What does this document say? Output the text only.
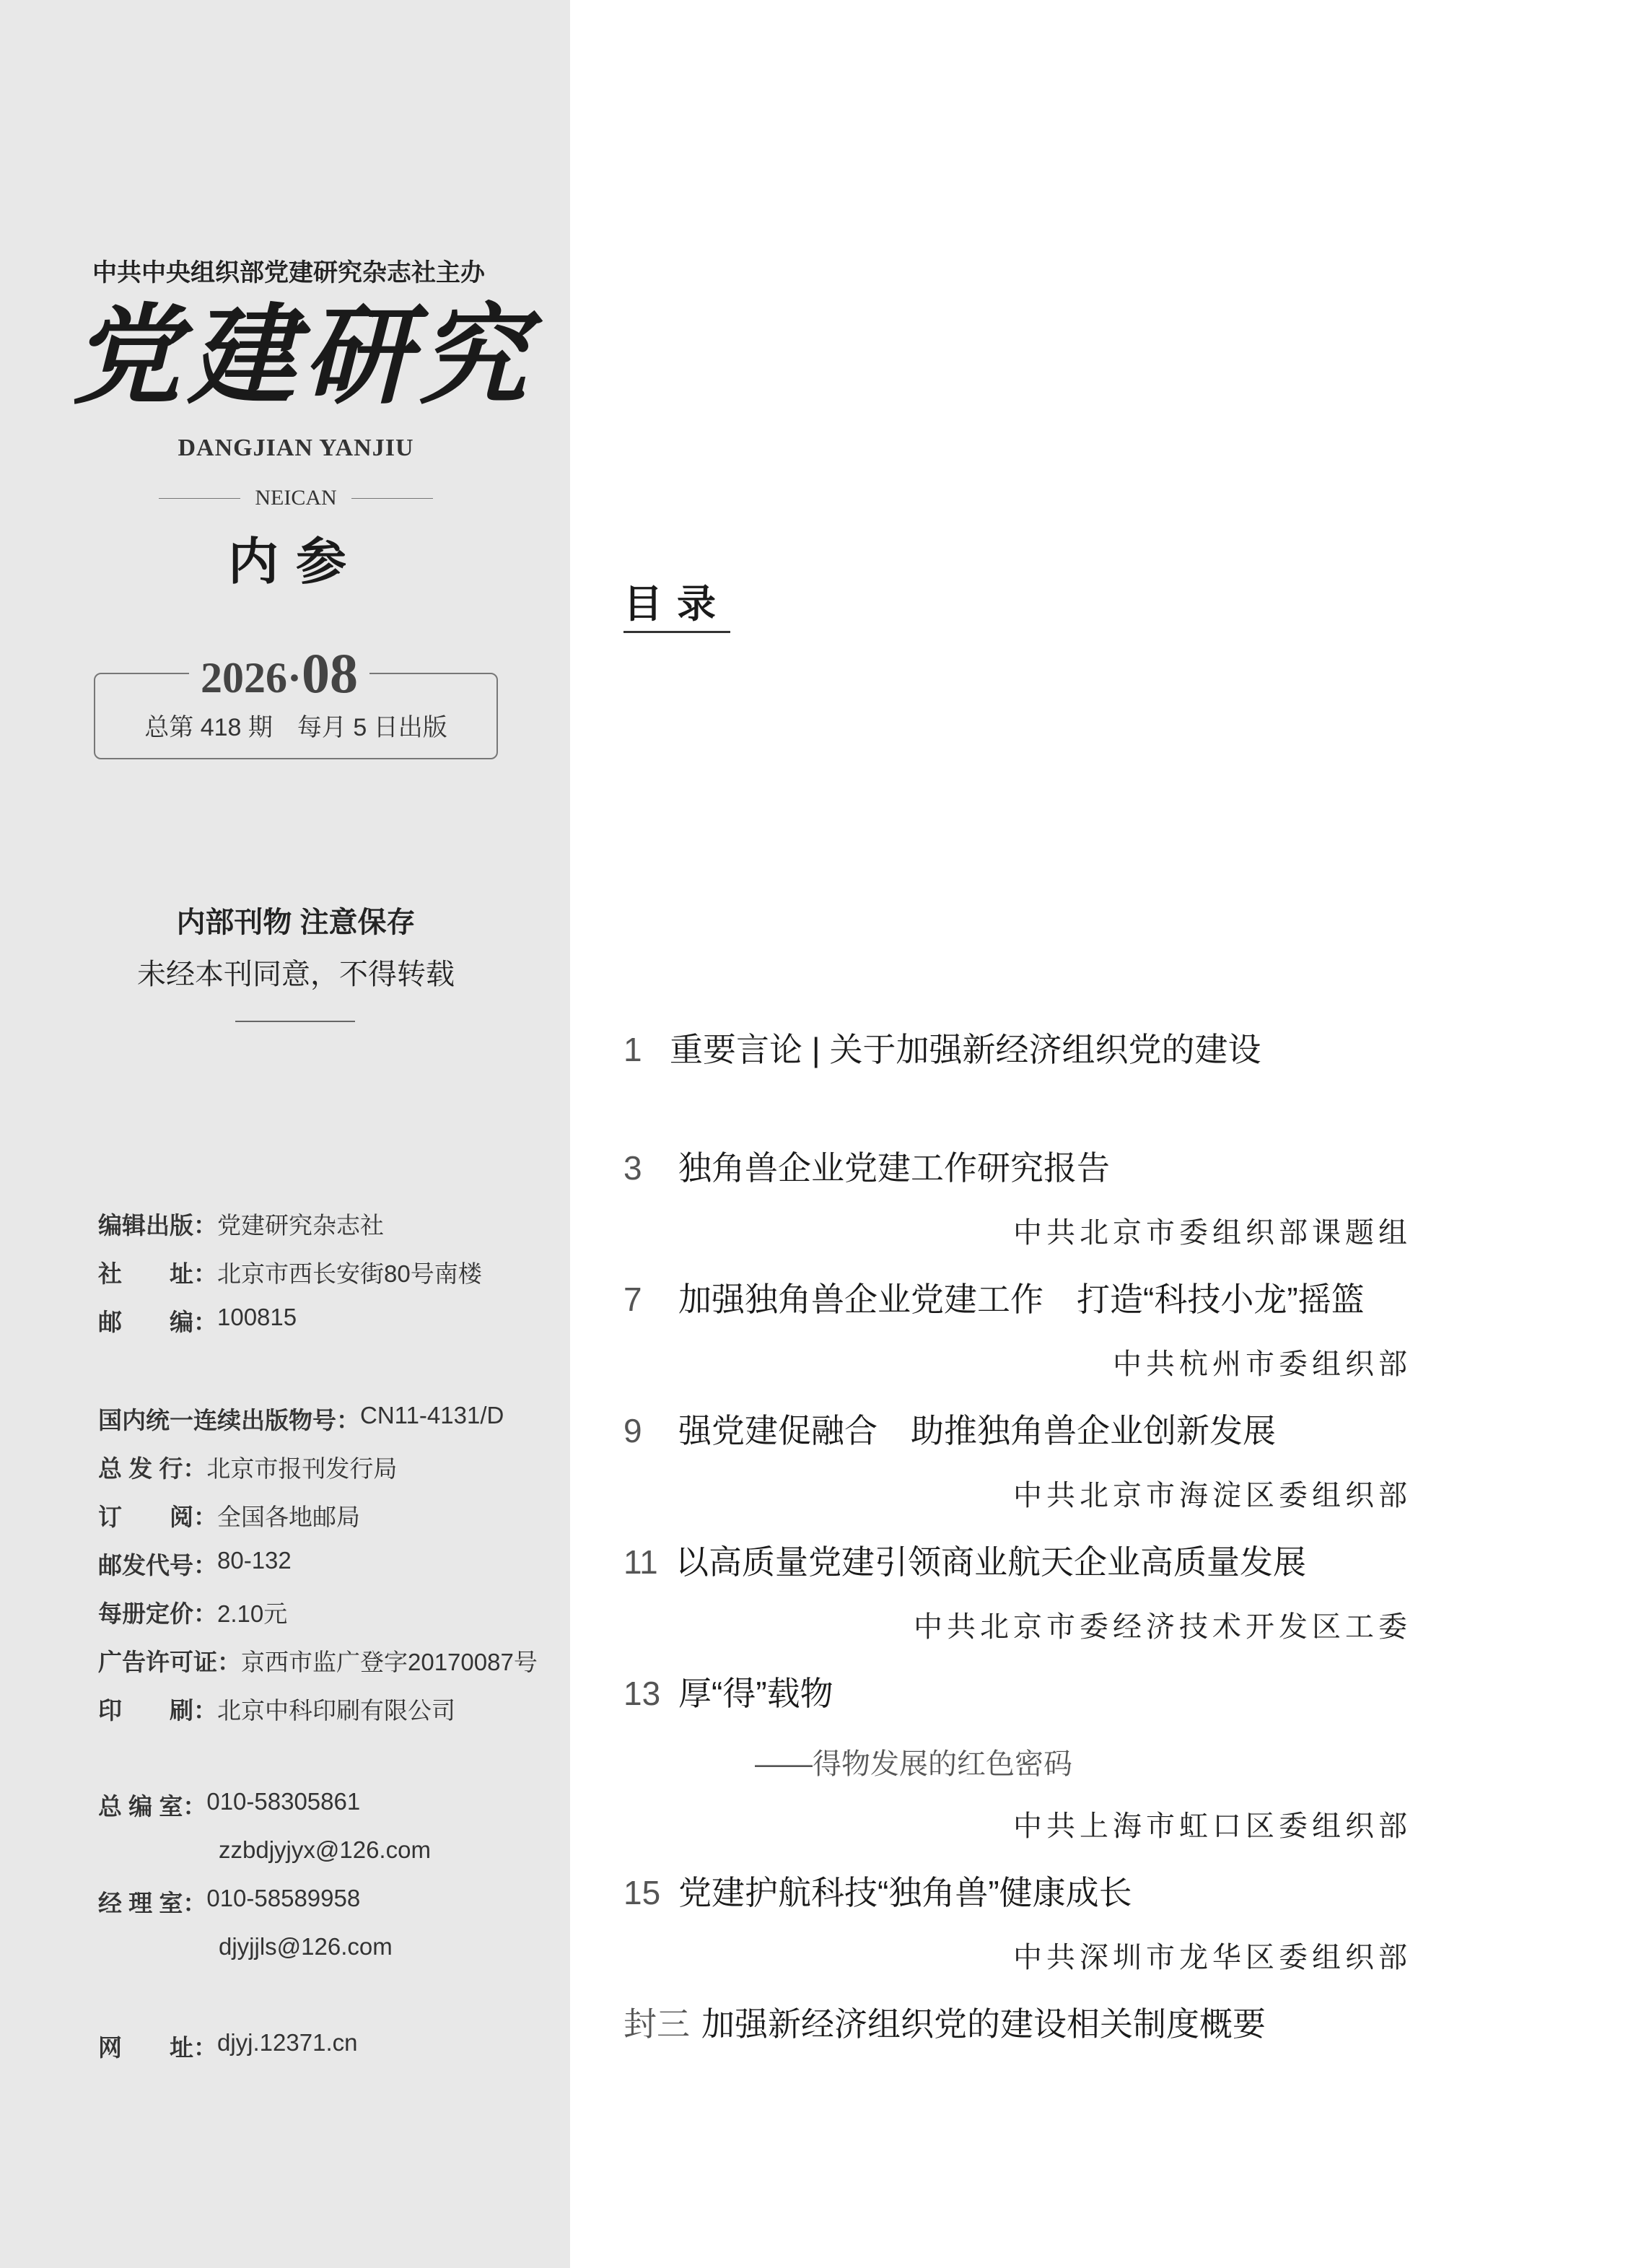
中共中央组织部党建研究杂志社主办
党建研究
DANGJIAN YANJIU
NEICAN
内参
2026·08
总第 418 期　每月 5 日出版
内部刊物 注意保存
未经本刊同意，不得转载
编辑出版： 党建研究杂志社
社　　址： 北京市西长安街80号南楼
邮　　编： 100815
国内统一连续出版物号： CN11-4131/D
总 发 行： 北京市报刊发行局
订　　阅： 全国各地邮局
邮发代号： 80-132
每册定价： 2.10元
广告许可证： 京西市监广登字20170087号
印　　刷： 北京中科印刷有限公司
总 编 室： 010-58305861
zzbdjyjyx@126.com
经 理 室： 010-58589958
djyjjls@126.com
网　　址： djyj.12371.cn
目录
1 重要言论 | 关于加强新经济组织党的建设
3 独角兽企业党建工作研究报告
中共北京市委组织部课题组
7 加强独角兽企业党建工作　打造“科技小龙”摇篮
中共杭州市委组织部
9 强党建促融合　助推独角兽企业创新发展
中共北京市海淀区委组织部
11 以高质量党建引领商业航天企业高质量发展
中共北京市委经济技术开发区工委
13 厚“得”载物
——得物发展的红色密码
中共上海市虹口区委组织部
15 党建护航科技“独角兽”健康成长
中共深圳市龙华区委组织部
封三 加强新经济组织党的建设相关制度概要
